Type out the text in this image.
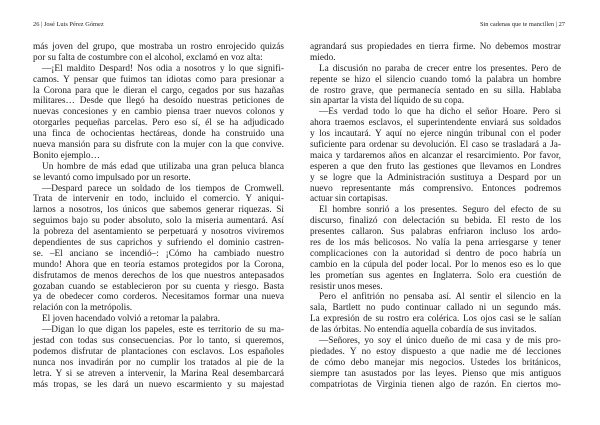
26 | José Luis Pérez Gómez
más joven del grupo, que mostraba un rostro enrojecido quizás
por su falta de costumbre con el alcohol, exclamó en voz alta:
—¡El maldito Despard! Nos odia a nosotros y lo que signifi-
camos. Y pensar que fuimos tan idiotas como para presionar a
la Corona para que le dieran el cargo, cegados por sus hazañas
militares… Desde que llegó ha desoído nuestras peticiones de
nuevas concesiones y en cambio piensa traer nuevos colonos y
otorgarles pequeñas parcelas. Pero eso sí, él se ha adjudicado
una finca de ochocientas hectáreas, donde ha construido una
nueva mansión para su disfrute con la mujer con la que convive.
Bonito ejemplo…
Un hombre de más edad que utilizaba una gran peluca blanca
se levantó como impulsado por un resorte.
—Despard parece un soldado de los tiempos de Cromwell.
Trata de intervenir en todo, incluido el comercio. Y aniqui-
larnos a nosotros, los únicos que sabemos generar riquezas. Si
seguimos bajo su poder absoluto, solo la miseria aumentará. Así
la pobreza del asentamiento se perpetuará y nosotros viviremos
dependientes de sus caprichos y sufriendo el dominio castren-
se. –El anciano se incendió–: ¡Cómo ha cambiado nuestro
mundo! Ahora que en teoría estamos protegidos por la Corona,
disfrutamos de menos derechos de los que nuestros antepasados
gozaban cuando se establecieron por su cuenta y riesgo. Basta
ya de obedecer como corderos. Necesitamos formar una nueva
relación con la metrópolis.
El joven hacendado volvió a retomar la palabra.
—Digan lo que digan los papeles, este es territorio de su ma-
jestad con todas sus consecuencias. Por lo tanto, si queremos,
podemos disfrutar de plantaciones con esclavos. Los españoles
nunca nos invadirán por no cumplir los tratados al pie de la
letra. Y si se atreven a intervenir, la Marina Real desembarcará
más tropas, se les dará un nuevo escarmiento y su majestad
Sin cadenas que te mancillen | 27
agrandará sus propiedades en tierra firme. No debemos mostrar
miedo.
La discusión no paraba de crecer entre los presentes. Pero de
repente se hizo el silencio cuando tomó la palabra un hombre
de rostro grave, que permanecía sentado en su silla. Hablaba
sin apartar la vista del líquido de su copa.
—Es verdad todo lo que ha dicho el señor Hoare. Pero si
ahora traemos esclavos, el superintendente enviará sus soldados
y los incautará. Y aquí no ejerce ningún tribunal con el poder
suficiente para ordenar su devolución. El caso se trasladará a Ja-
maica y tardaremos años en alcanzar el resarcimiento. Por favor,
esperen a que den fruto las gestiones que llevamos en Londres
y se logre que la Administración sustituya a Despard por un
nuevo representante más comprensivo. Entonces podremos
actuar sin cortapisas.
El hombre sonrió a los presentes. Seguro del efecto de su
discurso, finalizó con delectación su bebida. El resto de los
presentes callaron. Sus palabras enfriaron incluso los ardo-
res de los más belicosos. No valía la pena arriesgarse y tener
complicaciones con la autoridad si dentro de poco habría un
cambio en la cúpula del poder local. Por lo menos eso es lo que
les prometían sus agentes en Inglaterra. Solo era cuestión de
resistir unos meses.
Pero el anfitrión no pensaba así. Al sentir el silencio en la
sala, Bartlett no pudo continuar callado ni un segundo más.
La expresión de su rostro era colérica. Los ojos casi se le salían
de las órbitas. No entendía aquella cobardía de sus invitados.
—Señores, yo soy el único dueño de mi casa y de mis pro-
piedades. Y no estoy dispuesto a que nadie me dé lecciones
de cómo debo manejar mis negocios. Ustedes los británicos,
siempre tan asustados por las leyes. Pienso que mis antiguos
compatriotas de Virginia tienen algo de razón. En ciertos mo-
